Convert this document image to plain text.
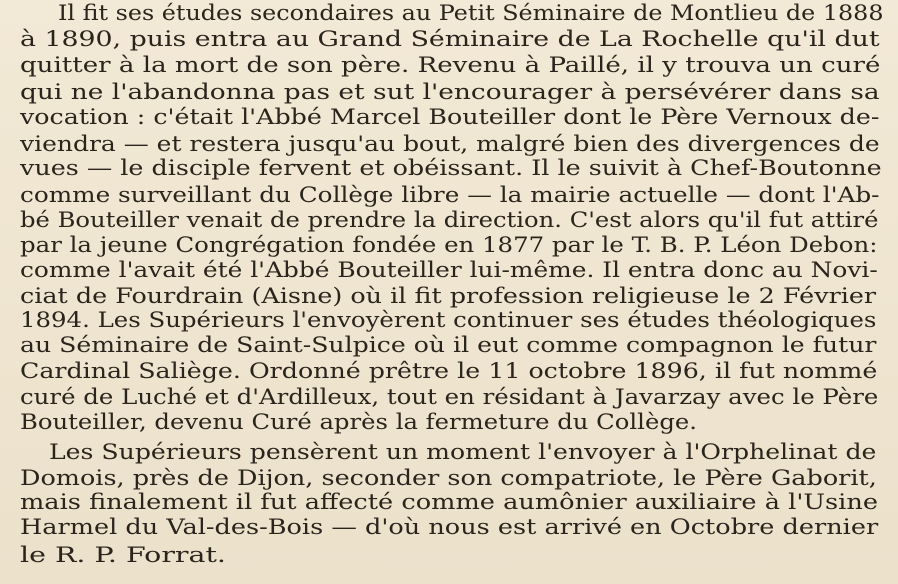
Il fit ses études secondaires au Petit Séminaire de Montlieu de 1888
à 1890, puis entra au Grand Séminaire de La Rochelle qu'il dut
quitter à la mort de son père. Revenu à Paillé, il y trouva un curé
qui ne l'abandonna pas et sut l'encourager à persévérer dans sa
vocation : c'était l'Abbé Marcel Bouteiller dont le Père Vernoux de-
viendra — et restera jusqu'au bout, malgré bien des divergences de
vues — le disciple fervent et obéissant. Il le suivit à Chef-Boutonne
comme surveillant du Collège libre — la mairie actuelle — dont l'Ab-
bé Bouteiller venait de prendre la direction. C'est alors qu'il fut attiré
par la jeune Congrégation fondée en 1877 par le T. B. P. Léon Debon:
comme l'avait été l'Abbé Bouteiller lui-même. Il entra donc au Novi-
ciat de Fourdrain (Aisne) où il fit profession religieuse le 2 Février
1894. Les Supérieurs l'envoyèrent continuer ses études théologiques
au Séminaire de Saint-Sulpice où il eut comme compagnon le futur
Cardinal Saliège. Ordonné prêtre le 11 octobre 1896, il fut nommé
curé de Luché et d'Ardilleux, tout en résidant à Javarzay avec le Père
Bouteiller, devenu Curé après la fermeture du Collège.
Les Supérieurs pensèrent un moment l'envoyer à l'Orphelinat de
Domois, près de Dijon, seconder son compatriote, le Père Gaborit,
mais finalement il fut affecté comme aumônier auxiliaire à l'Usine
Harmel du Val-des-Bois — d'où nous est arrivé en Octobre dernier
le R. P. Forrat.
